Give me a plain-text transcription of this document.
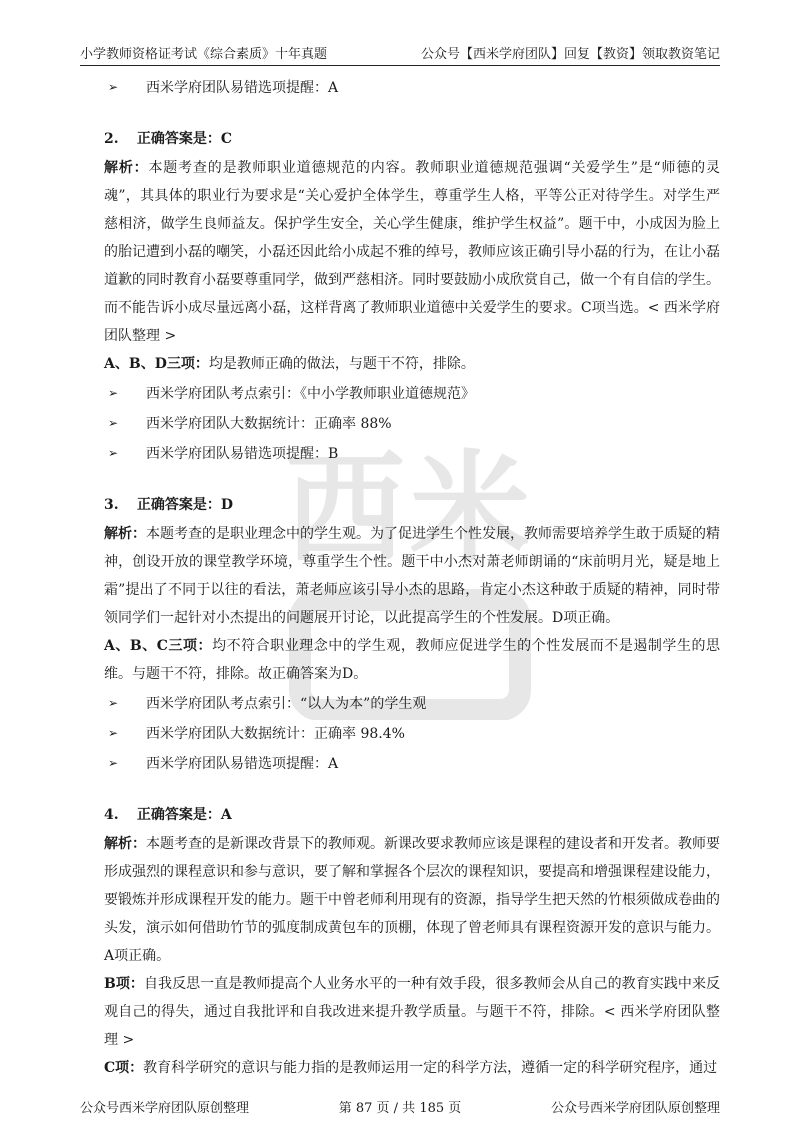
小学教师资格证考试《综合素质》十年真题	公众号【西米学府团队】回复【教资】领取教资笔记
西 米
➢	西米学府团队易错选项提醒：A
2. 正确答案是：C
解析：本题考查的是教师职业道德规范的内容。教师职业道德规范强调“关爱学生”是“师德的灵魂”，其具体的职业行为要求是“关心爱护全体学生，尊重学生人格，平等公正对待学生。对学生严慈相济，做学生良师益友。保护学生安全，关心学生健康，维护学生权益”。题干中，小成因为脸上的胎记遭到小磊的嘲笑，小磊还因此给小成起不雅的绰号，教师应该正确引导小磊的行为，在让小磊道歉的同时教育小磊要尊重同学，做到严慈相济。同时要鼓励小成欣赏自己，做一个有自信的学生。而不能告诉小成尽量远离小磊，这样背离了教师职业道德中关爱学生的要求。C项当选。< 西米学府团队整理 >
A、B、D三项：均是教师正确的做法，与题干不符，排除。
➢	西米学府团队考点索引：《中小学教师职业道德规范》
➢	西米学府团队大数据统计：正确率 88%
➢	西米学府团队易错选项提醒：B
3. 正确答案是：D
解析：本题考查的是职业理念中的学生观。为了促进学生个性发展，教师需要培养学生敢于质疑的精神，创设开放的课堂教学环境，尊重学生个性。题干中小杰对萧老师朗诵的“床前明月光，疑是地上霜”提出了不同于以往的看法，萧老师应该引导小杰的思路，肯定小杰这种敢于质疑的精神，同时带领同学们一起针对小杰提出的问题展开讨论，以此提高学生的个性发展。D项正确。
A、B、C三项：均不符合职业理念中的学生观，教师应促进学生的个性发展而不是遏制学生的思维。与题干不符，排除。故正确答案为D。
➢	西米学府团队考点索引：“以人为本”的学生观
➢	西米学府团队大数据统计：正确率 98.4%
➢	西米学府团队易错选项提醒：A
4. 正确答案是：A
解析：本题考查的是新课改背景下的教师观。新课改要求教师应该是课程的建设者和开发者。教师要形成强烈的课程意识和参与意识，要了解和掌握各个层次的课程知识，要提高和增强课程建设能力，要锻炼并形成课程开发的能力。题干中曾老师利用现有的资源，指导学生把天然的竹根须做成卷曲的头发，演示如何借助竹节的弧度制成黄包车的顶棚，体现了曾老师具有课程资源开发的意识与能力。A项正确。
B项：自我反思一直是教师提高个人业务水平的一种有效手段，很多教师会从自己的教育实践中来反观自己的得失，通过自我批评和自我改进来提升教学质量。与题干不符，排除。< 西米学府团队整理 >
C项：教育科学研究的意识与能力指的是教师运用一定的科学方法，遵循一定的科学研究程序，通过
公众号西米学府团队原创整理	第 87 页 / 共 185 页	公众号西米学府团队原创整理
